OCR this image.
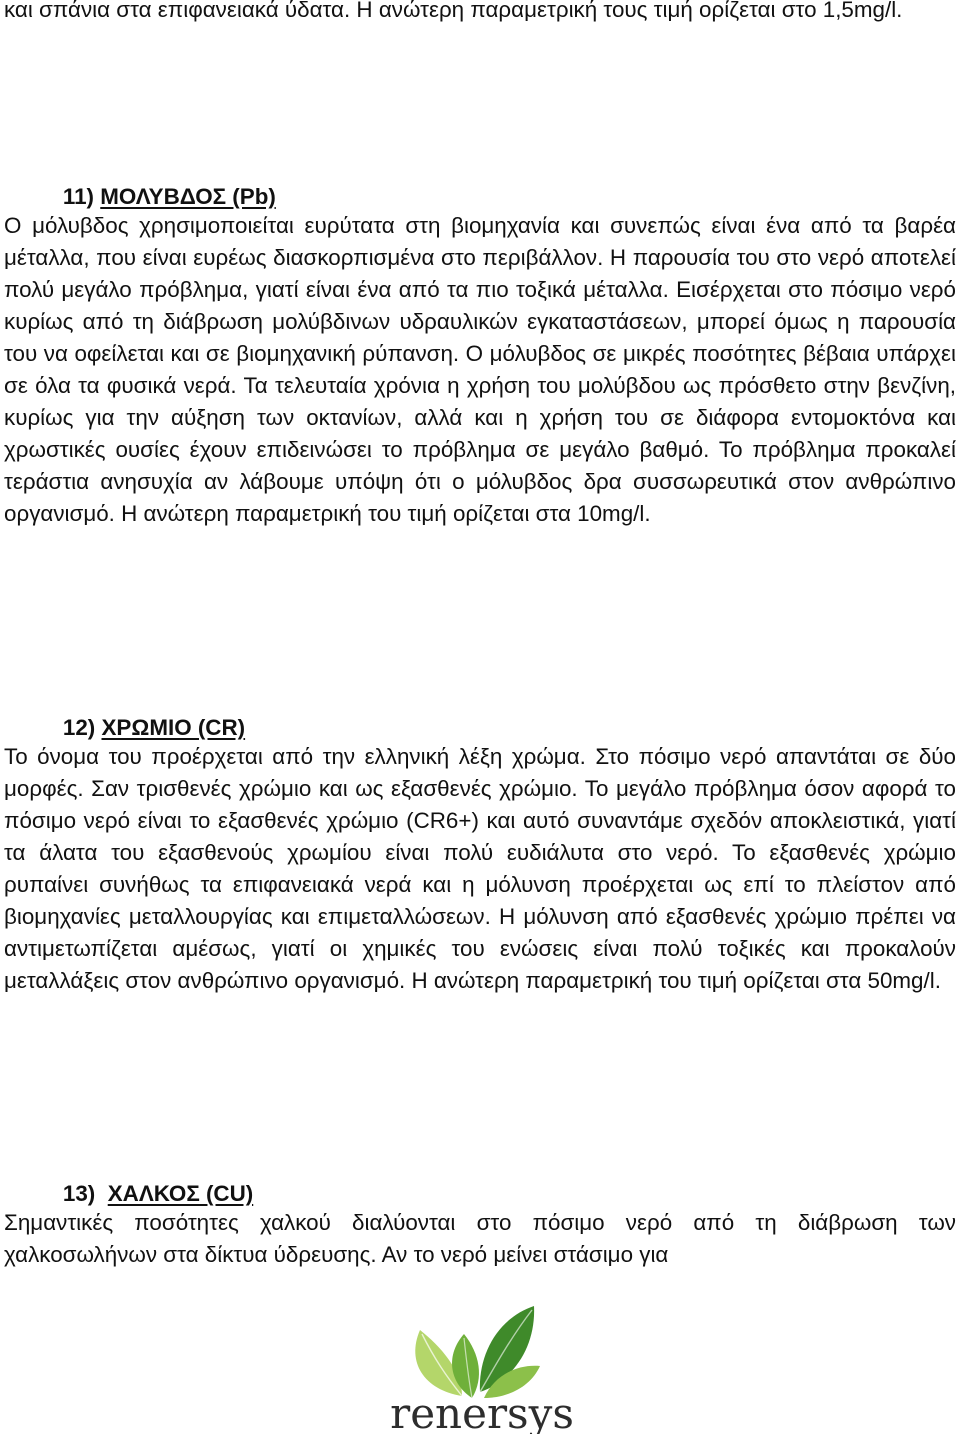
και σπάνια στα επιφανειακά ύδατα. Η ανώτερη παραμετρική τους τιμή ορίζεται στο 1,5mg/l.

11) ΜΟΛΥΒΔΟΣ (Pb)

Ο μόλυβδος χρησιμοποιείται ευρύτατα στη βιομηχανία και συνεπώς είναι ένα από τα βαρέα μέταλλα, που είναι ευρέως διασκορπισμένα στο περιβάλλον. Η παρουσία του στο νερό αποτελεί πολύ μεγάλο πρόβλημα, γιατί είναι ένα από τα πιο τοξικά μέταλλα. Εισέρχεται στο πόσιμο νερό κυρίως από τη διάβρωση μολύβδινων υδραυλικών εγκαταστάσεων, μπορεί όμως η παρουσία του να οφείλεται και σε βιομηχανική ρύπανση. Ο μόλυβδος σε μικρές ποσότητες βέβαια υπάρχει σε όλα τα φυσικά νερά. Τα τελευταία χρόνια η χρήση του μολύβδου ως πρόσθετο στην βενζίνη, κυρίως για την αύξηση των οκτανίων, αλλά και η χρήση του σε διάφορα εντομοκτόνα και χρωστικές ουσίες έχουν επιδεινώσει το πρόβλημα σε μεγάλο βαθμό. Το πρόβλημα προκαλεί τεράστια ανησυχία αν λάβουμε υπόψη ότι ο μόλυβδος δρα συσσωρευτικά στον ανθρώπινο οργανισμό. Η ανώτερη παραμετρική του τιμή ορίζεται στα 10mg/l.

12) ΧΡΩΜΙΟ (CR)

Το όνομα του προέρχεται από την ελληνική λέξη χρώμα. Στο πόσιμο νερό απαντάται σε δύο μορφές. Σαν τρισθενές χρώμιο και ως εξασθενές χρώμιο. Το μεγάλο πρόβλημα όσον αφορά το πόσιμο νερό είναι το εξασθενές χρώμιο (CR6+) και αυτό συναντάμε σχεδόν αποκλειστικά, γιατί τα άλατα του εξασθενούς χρωμίου είναι πολύ ευδιάλυτα στο νερό. Το εξασθενές χρώμιο ρυπαίνει συνήθως τα επιφανειακά νερά και η μόλυνση προέρχεται ως επί το πλείστον από βιομηχανίες μεταλλουργίας και επιμεταλλώσεων. Η μόλυνση από εξασθενές χρώμιο πρέπει να αντιμετωπίζεται αμέσως, γιατί οι χημικές του ενώσεις είναι πολύ τοξικές και προκαλούν μεταλλάξεις στον ανθρώπινο οργανισμό. Η ανώτερη παραμετρική του τιμή ορίζεται στα 50mg/l.

13) ΧΑΛΚΟΣ (CU)

Σημαντικές ποσότητες χαλκού διαλύονται στο πόσιμο νερό από τη διάβρωση των χαλκοσωλήνων στα δίκτυα ύδρευσης. Αν το νερό μείνει στάσιμο για

renersys
